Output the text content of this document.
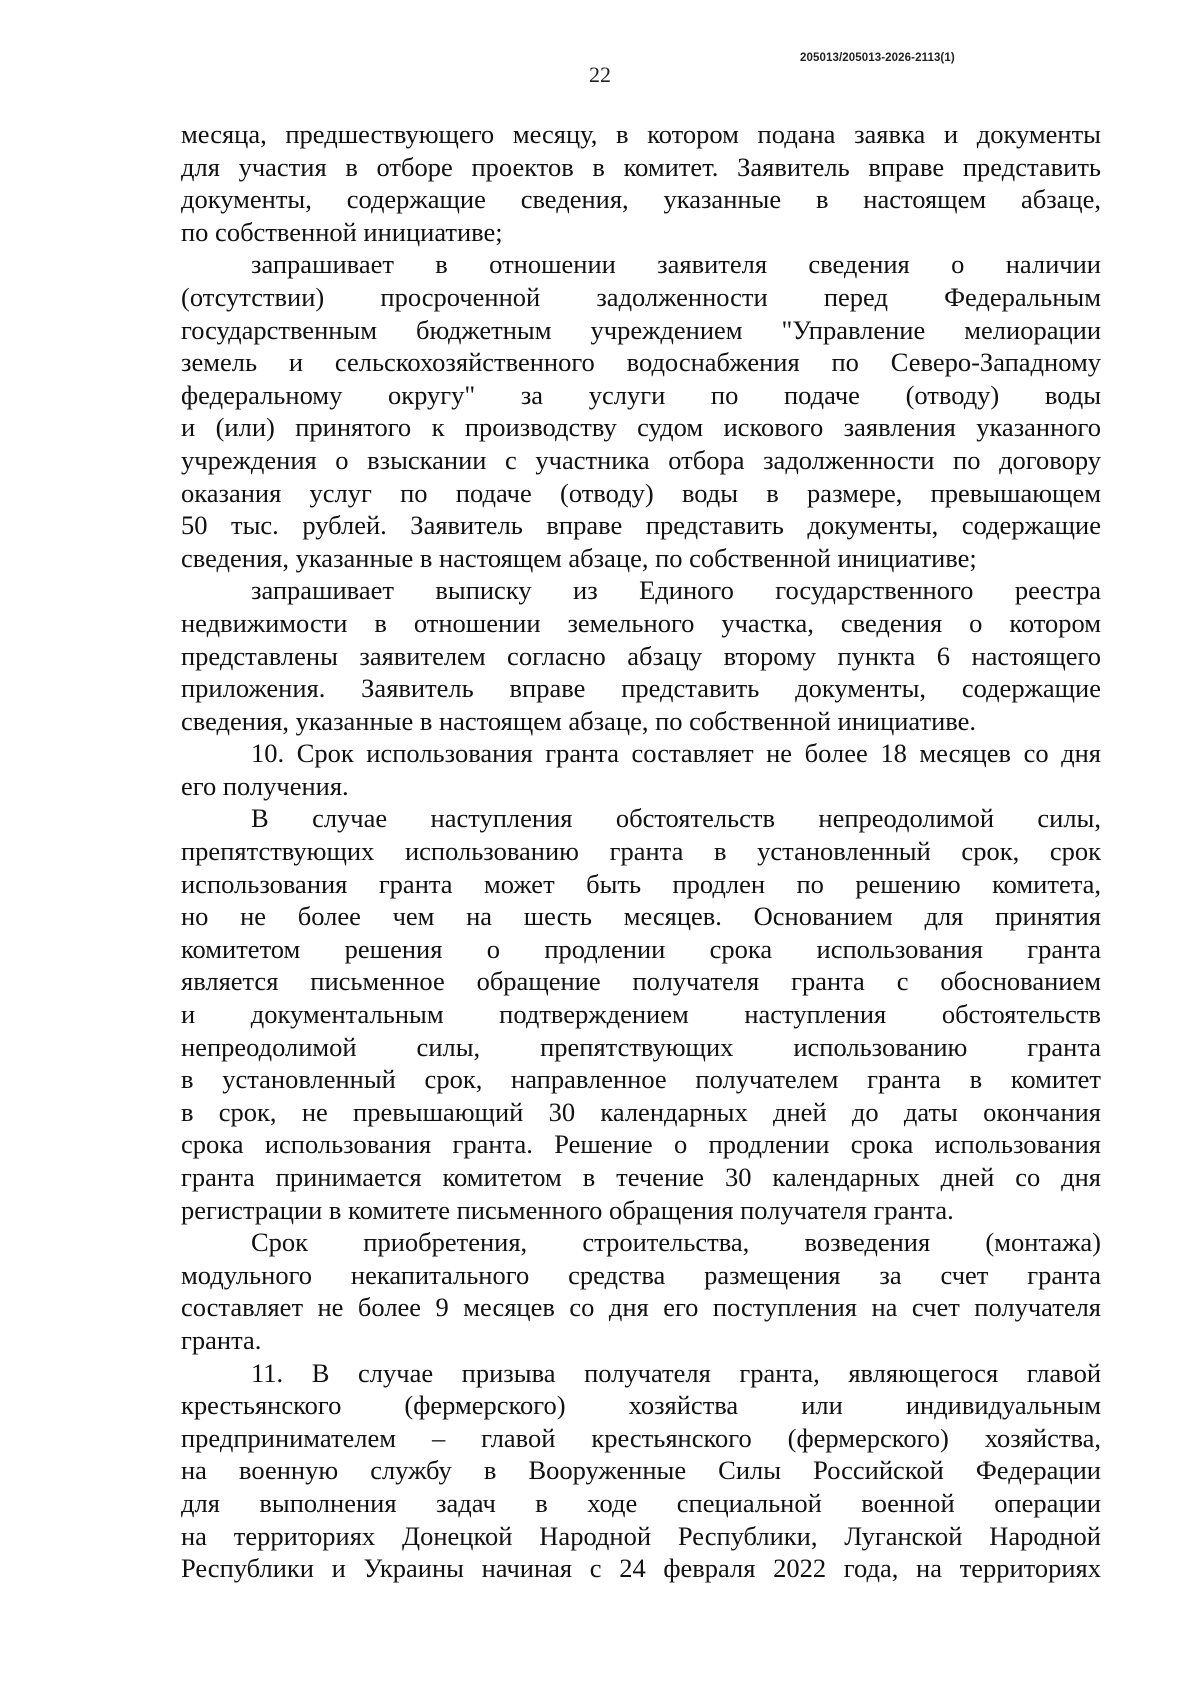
205013/205013-2026-2113(1)
22
месяца, предшествующего месяцу, в котором подана заявка и документы
для участия в отборе проектов в комитет. Заявитель вправе представить
документы, содержащие сведения, указанные в настоящем абзаце,
по собственной инициативе;
запрашивает в отношении заявителя сведения о наличии
(отсутствии) просроченной задолженности перед Федеральным
государственным бюджетным учреждением "Управление мелиорации
земель и сельскохозяйственного водоснабжения по Северо-Западному
федеральному округу" за услуги по подаче (отводу) воды
и (или) принятого к производству судом искового заявления указанного
учреждения о взыскании с участника отбора задолженности по договору
оказания услуг по подаче (отводу) воды в размере, превышающем
50 тыс. рублей. Заявитель вправе представить документы, содержащие
сведения, указанные в настоящем абзаце, по собственной инициативе;
запрашивает выписку из Единого государственного реестра
недвижимости в отношении земельного участка, сведения о котором
представлены заявителем согласно абзацу второму пункта 6 настоящего
приложения. Заявитель вправе представить документы, содержащие
сведения, указанные в настоящем абзаце, по собственной инициативе.
10. Срок использования гранта составляет не более 18 месяцев со дня
его получения.
В случае наступления обстоятельств непреодолимой силы,
препятствующих использованию гранта в установленный срок, срок
использования гранта может быть продлен по решению комитета,
но не более чем на шесть месяцев. Основанием для принятия
комитетом решения о продлении срока использования гранта
является письменное обращение получателя гранта с обоснованием
и документальным подтверждением наступления обстоятельств
непреодолимой силы, препятствующих использованию гранта
в установленный срок, направленное получателем гранта в комитет
в срок, не превышающий 30 календарных дней до даты окончания
срока использования гранта. Решение о продлении срока использования
гранта принимается комитетом в течение 30 календарных дней со дня
регистрации в комитете письменного обращения получателя гранта.
Срок приобретения, строительства, возведения (монтажа)
модульного некапитального средства размещения за счет гранта
составляет не более 9 месяцев со дня его поступления на счет получателя
гранта.
11. В случае призыва получателя гранта, являющегося главой
крестьянского (фермерского) хозяйства или индивидуальным
предпринимателем – главой крестьянского (фермерского) хозяйства,
на военную службу в Вооруженные Силы Российской Федерации
для выполнения задач в ходе специальной военной операции
на территориях Донецкой Народной Республики, Луганской Народной
Республики и Украины начиная с 24 февраля 2022 года, на территориях
